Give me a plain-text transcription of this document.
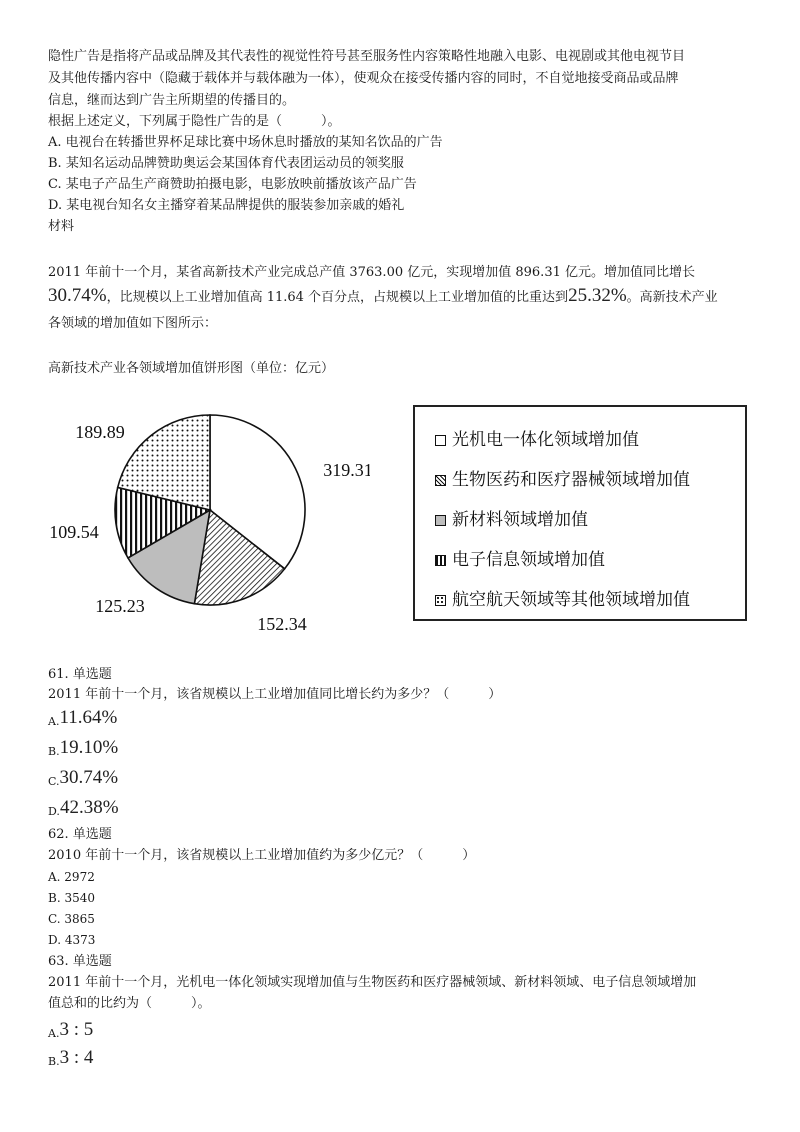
隐性广告是指将产品或品牌及其代表性的视觉性符号甚至服务性内容策略性地融入电影、电视剧或其他电视节目
及其他传播内容中（隐藏于载体并与载体融为一体），使观众在接受传播内容的同时，不自觉地接受商品或品牌
信息，继而达到广告主所期望的传播目的。
根据上述定义，下列属于隐性广告的是（　　　）。
A. 电视台在转播世界杯足球比赛中场休息时播放的某知名饮品的广告
B. 某知名运动品牌赞助奥运会某国体育代表团运动员的领奖服
C. 某电子产品生产商赞助拍摄电影，电影放映前播放该产品广告
D. 某电视台知名女主播穿着某品牌提供的服装参加亲戚的婚礼
材料
2011 年前十一个月，某省高新技术产业完成总产值 3763.00 亿元，实现增加值 896.31 亿元。增加值同比增长
30.74%，比规模以上工业增加值高 11.64 个百分点，占规模以上工业增加值的比重达到25.32%。高新技术产业
各领域的增加值如下图所示：
高新技术产业各领域增加值饼形图（单位：亿元）
319.31
152.34
125.23
109.54
189.89	光机电一体化领域增加值
生物医药和医疗器械领域增加值
新材料领域增加值
电子信息领域增加值
航空航天领域等其他领域增加值
61. 单选题
2011 年前十一个月，该省规模以上工业增加值同比增长约为多少？（　　　）
A.11.64%
B.19.10%
C.30.74%
D.42.38%
62. 单选题
2010 年前十一个月，该省规模以上工业增加值约为多少亿元？（　　　）
A. 2972
B. 3540
C. 3865
D. 4373
63. 单选题
2011 年前十一个月，光机电一体化领域实现增加值与生物医药和医疗器械领域、新材料领域、电子信息领域增加
值总和的比约为（　　　）。
A.3 : 5
B.3 : 4
